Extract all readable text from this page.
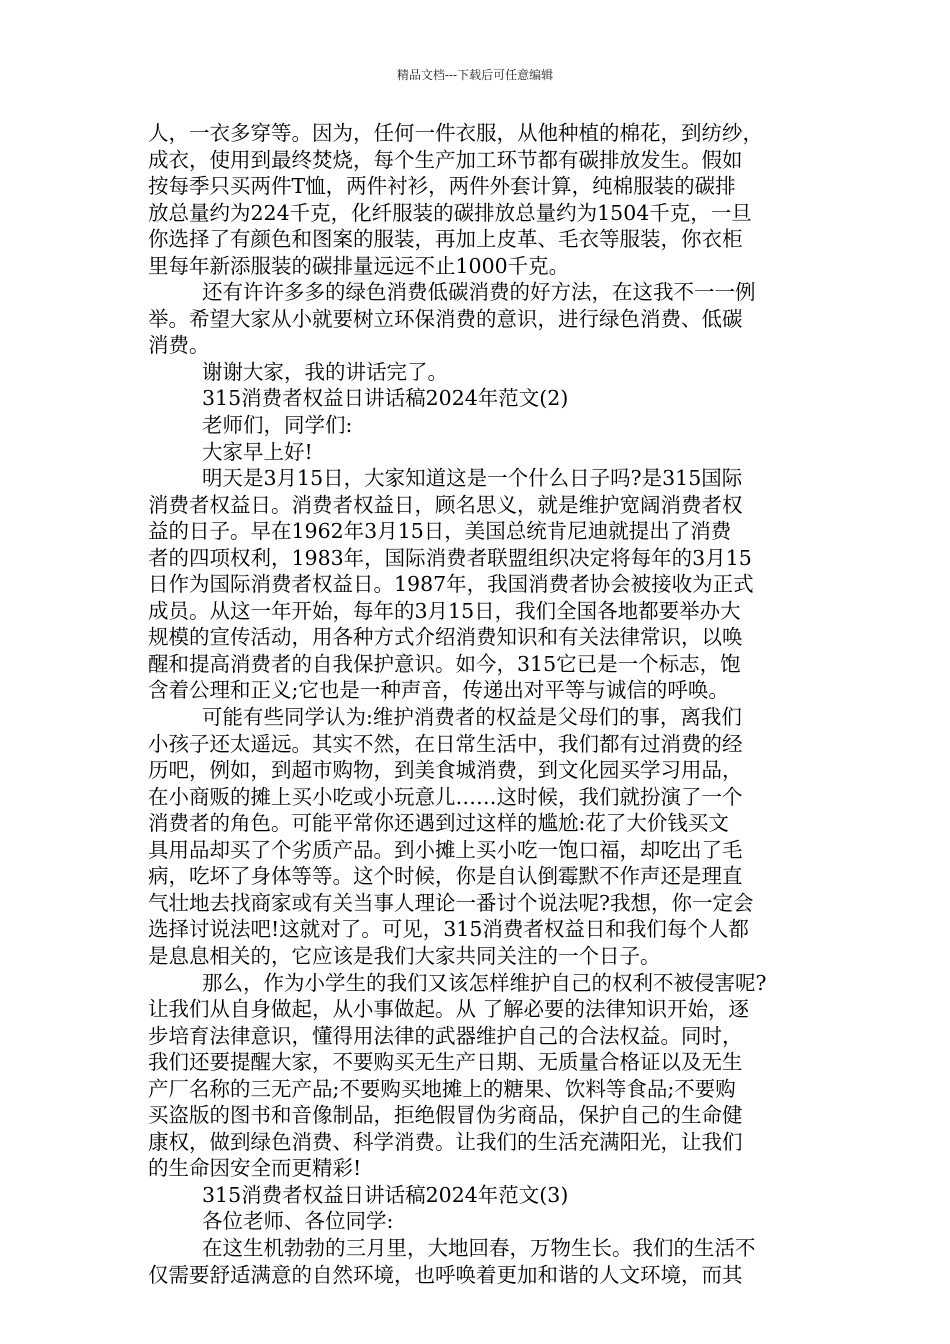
精品文档---下载后可任意编辑
人，一衣多穿等。因为，任何一件衣服，从他种植的棉花，到纺纱，
成衣，使用到最终焚烧，每个生产加工环节都有碳排放发生。假如
按每季只买两件T恤，两件衬衫，两件外套计算，纯棉服装的碳排
放总量约为224千克，化纤服装的碳排放总量约为1504千克，一旦
你选择了有颜色和图案的服装，再加上皮革、毛衣等服装，你衣柜
里每年新添服装的碳排量远远不止1000千克。
还有许许多多的绿色消费低碳消费的好方法，在这我不一一例
举。希望大家从小就要树立环保消费的意识，进行绿色消费、低碳
消费。
谢谢大家，我的讲话完了。
315消费者权益日讲话稿2024年范文(2)
老师们，同学们:
大家早上好!
明天是3月15日，大家知道这是一个什么日子吗?是315国际
消费者权益日。消费者权益日，顾名思义，就是维护宽阔消费者权
益的日子。早在1962年3月15日，美国总统肯尼迪就提出了消费
者的四项权利，1983年，国际消费者联盟组织决定将每年的3月15
日作为国际消费者权益日。1987年，我国消费者协会被接收为正式
成员。从这一年开始，每年的3月15日，我们全国各地都要举办大
规模的宣传活动，用各种方式介绍消费知识和有关法律常识，以唤
醒和提高消费者的自我保护意识。如今，315它已是一个标志，饱
含着公理和正义;它也是一种声音，传递出对平等与诚信的呼唤。
可能有些同学认为:维护消费者的权益是父母们的事，离我们
小孩子还太遥远。其实不然，在日常生活中，我们都有过消费的经
历吧，例如，到超市购物，到美食城消费，到文化园买学习用品，
在小商贩的摊上买小吃或小玩意儿……这时候，我们就扮演了一个
消费者的角色。可能平常你还遇到过这样的尴尬:花了大价钱买文
具用品却买了个劣质产品。到小摊上买小吃一饱口福，却吃出了毛
病，吃坏了身体等等。这个时候，你是自认倒霉默不作声还是理直
气壮地去找商家或有关当事人理论一番讨个说法呢?我想，你一定会
选择讨说法吧!这就对了。可见，315消费者权益日和我们每个人都
是息息相关的，它应该是我们大家共同关注的一个日子。
那么，作为小学生的我们又该怎样维护自己的权利不被侵害呢?
让我们从自身做起，从小事做起。从 了解必要的法律知识开始，逐
步培育法律意识，懂得用法律的武器维护自己的合法权益。同时，
我们还要提醒大家，不要购买无生产日期、无质量合格证以及无生
产厂名称的三无产品;不要购买地摊上的糖果、饮料等食品;不要购
买盗版的图书和音像制品，拒绝假冒伪劣商品，保护自己的生命健
康权，做到绿色消费、科学消费。让我们的生活充满阳光，让我们
的生命因安全而更精彩!
315消费者权益日讲话稿2024年范文(3)
各位老师、各位同学:
在这生机勃勃的三月里，大地回春，万物生长。我们的生活不
仅需要舒适满意的自然环境，也呼唤着更加和谐的人文环境，而其
